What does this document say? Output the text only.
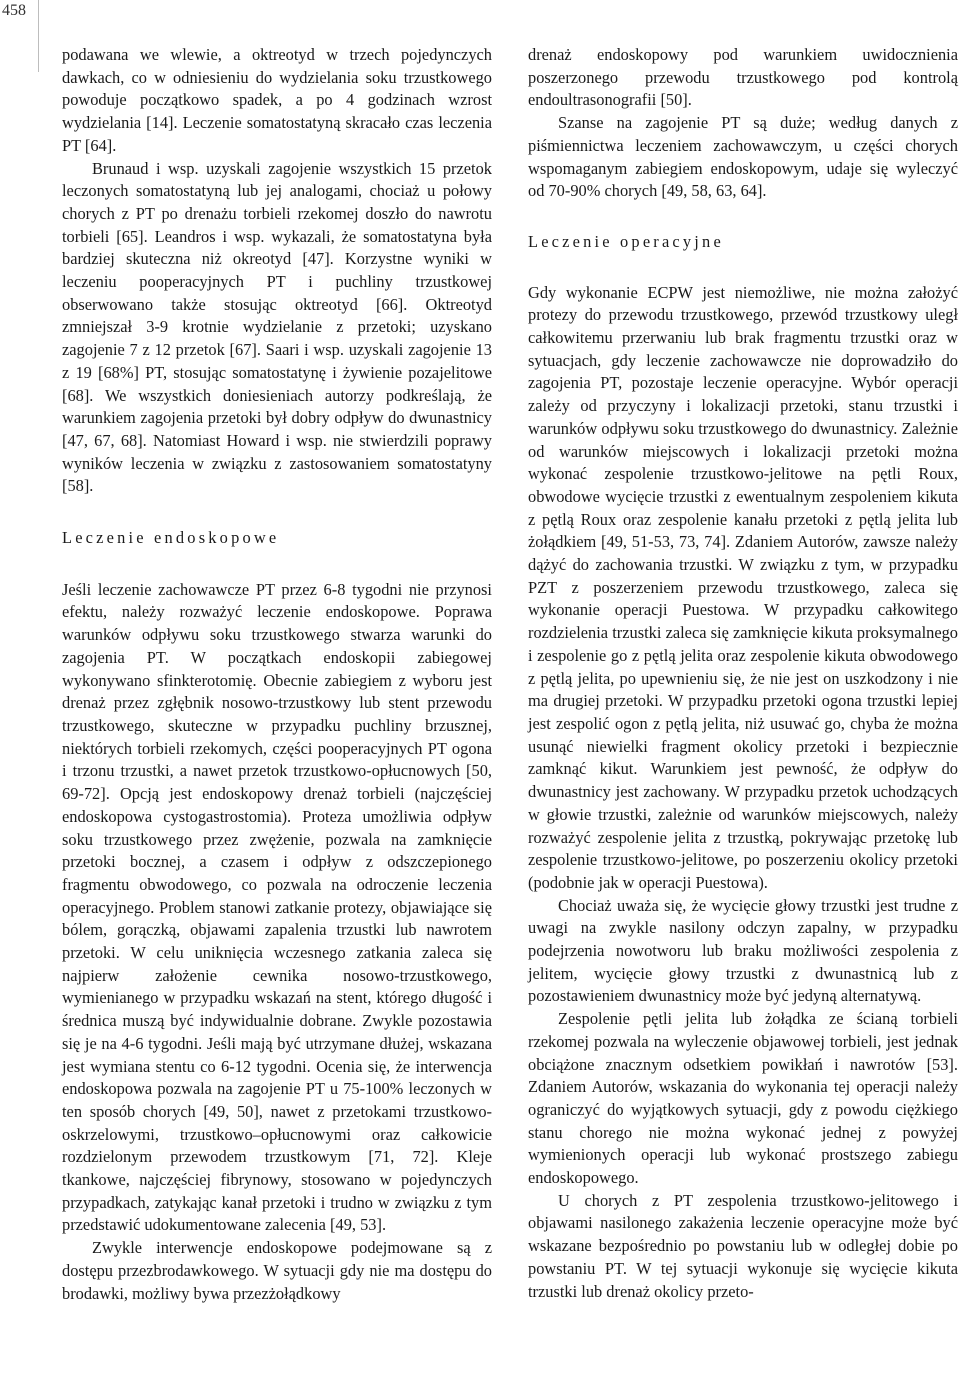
458

podawana we wlewie, a oktreotyd w trzech pojedynczych dawkach, co w odniesieniu do wydzielania soku trzustkowego powoduje początkowo spadek, a po 4 godzinach wzrost wydzielania [14]. Leczenie somatostatyną skracało czas leczenia PT [64].

Brunaud i wsp. uzyskali zagojenie wszystkich 15 przetok leczonych somatostatyną lub jej analogami, chociaż u połowy chorych z PT po drenażu torbieli rzekomej doszło do nawrotu torbieli [65]. Leandros i wsp. wykazali, że somatostatyna była bardziej skuteczna niż okreotyd [47]. Korzystne wyniki w leczeniu pooperacyjnych PT i puchliny trzustkowej obserwowano także stosując oktreotyd [66]. Oktreotyd zmniejszał 3-9 krotnie wydzielanie z przetoki; uzyskano zagojenie 7 z 12 przetok [67]. Saari i wsp. uzyskali zagojenie 13 z 19 [68%] PT, stosując somatostatynę i żywienie pozajelitowe [68]. We wszystkich doniesieniach autorzy podkreślają, że warunkiem zagojenia przetoki był dobry odpływ do dwunastnicy [47, 67, 68]. Natomiast Howard i wsp. nie stwierdzili poprawy wyników leczenia w związku z zastosowaniem somatostatyny [58].

Leczenie endoskopowe

Jeśli leczenie zachowawcze PT przez 6-8 tygodni nie przynosi efektu, należy rozważyć leczenie endoskopowe. Poprawa warunków odpływu soku trzustkowego stwarza warunki do zagojenia PT. W początkach endoskopii zabiegowej wykonywano sfinkterotomię. Obecnie zabiegiem z wyboru jest drenaż przez zgłębnik nosowo-trzustkowy lub stent przewodu trzustkowego, skuteczne w przypadku puchliny brzusznej, niektórych torbieli rzekomych, części pooperacyjnych PT ogona i trzonu trzustki, a nawet przetok trzustkowo-opłucnowych [50, 69-72]. Opcją jest endoskopowy drenaż torbieli (najczęściej endoskopowa cystogastrostomia). Proteza umożliwia odpływ soku trzustkowego przez zwężenie, pozwala na zamknięcie przetoki bocznej, a czasem i odpływ z odszczepionego fragmentu obwodowego, co pozwala na odroczenie leczenia operacyjnego. Problem stanowi zatkanie protezy, objawiające się bólem, gorączką, objawami zapalenia trzustki lub nawrotem przetoki. W celu uniknięcia wczesnego zatkania zaleca się najpierw założenie cewnika nosowo-trzustkowego, wymienianego w przypadku wskazań na stent, którego długość i średnica muszą być indywidualnie dobrane. Zwykle pozostawia się je na 4-6 tygodni. Jeśli mają być utrzymane dłużej, wskazana jest wymiana stentu co 6-12 tygodni. Ocenia się, że interwencja endoskopowa pozwala na zagojenie PT u 75-100% leczonych w ten sposób chorych [49, 50], nawet z przetokami trzustkowo-oskrzelowymi, trzustkowo–opłucnowymi oraz całkowicie rozdzielonym przewodem trzustkowym [71, 72]. Kleje tkankowe, najczęściej fibrynowy, stosowano w pojedynczych przypadkach, zatykając kanał przetoki i trudno w związku z tym przedstawić udokumentowane zalecenia [49, 53].

Zwykle interwencje endoskopowe podejmowane są z dostępu przezbrodawkowego. W sytuacji gdy nie ma dostępu do brodawki, możliwy bywa przezżołądkowy

drenaż endoskopowy pod warunkiem uwidocznienia poszerzonego przewodu trzustkowego pod kontrolą endoultrasonografii [50].

Szanse na zagojenie PT są duże; według danych z piśmiennictwa leczeniem zachowawczym, u części chorych wspomaganym zabiegiem endoskopowym, udaje się wyleczyć od 70-90% chorych [49, 58, 63, 64].

Leczenie operacyjne

Gdy wykonanie ECPW jest niemożliwe, nie można założyć protezy do przewodu trzustkowego, przewód trzustkowy uległ całkowitemu przerwaniu lub brak fragmentu trzustki oraz w sytuacjach, gdy leczenie zachowawcze nie doprowadziło do zagojenia PT, pozostaje leczenie operacyjne. Wybór operacji zależy od przyczyny i lokalizacji przetoki, stanu trzustki i warunków odpływu soku trzustkowego do dwunastnicy. Zależnie od warunków miejscowych i lokalizacji przetoki można wykonać zespolenie trzustkowo-jelitowe na pętli Roux, obwodowe wycięcie trzustki z ewentualnym zespoleniem kikuta z pętlą Roux oraz zespolenie kanału przetoki z pętlą jelita lub żołądkiem [49, 51-53, 73, 74]. Zdaniem Autorów, zawsze należy dążyć do zachowania trzustki. W związku z tym, w przypadku PZT z poszerzeniem przewodu trzustkowego, zaleca się wykonanie operacji Puestowa. W przypadku całkowitego rozdzielenia trzustki zaleca się zamknięcie kikuta proksymalnego i zespolenie go z pętlą jelita oraz zespolenie kikuta obwodowego z pętlą jelita, po upewnieniu się, że nie jest on uszkodzony i nie ma drugiej przetoki. W przypadku przetoki ogona trzustki lepiej jest zespolić ogon z pętlą jelita, niż usuwać go, chyba że można usunąć niewielki fragment okolicy przetoki i bezpiecznie zamknąć kikut. Warunkiem jest pewność, że odpływ do dwunastnicy jest zachowany. W przypadku przetok uchodzących w głowie trzustki, zależnie od warunków miejscowych, należy rozważyć zespolenie jelita z trzustką, pokrywając przetokę lub zespolenie trzustkowo-jelitowe, po poszerzeniu okolicy przetoki (podobnie jak w operacji Puestowa).

Chociaż uważa się, że wycięcie głowy trzustki jest trudne z uwagi na zwykle nasilony odczyn zapalny, w przypadku podejrzenia nowotworu lub braku możliwości zespolenia z jelitem, wycięcie głowy trzustki z dwunastnicą lub z pozostawieniem dwunastnicy może być jedyną alternatywą.

Zespolenie pętli jelita lub żołądka ze ścianą torbieli rzekomej pozwala na wyleczenie objawowej torbieli, jest jednak obciążone znacznym odsetkiem powikłań i nawrotów [53]. Zdaniem Autorów, wskazania do wykonania tej operacji należy ograniczyć do wyjątkowych sytuacji, gdy z powodu ciężkiego stanu chorego nie można wykonać jednej z powyżej wymienionych operacji lub wykonać prostszego zabiegu endoskopowego.

U chorych z PT zespolenia trzustkowo-jelitowego i objawami nasilonego zakażenia leczenie operacyjne może być wskazane bezpośrednio po powstaniu lub w odległej dobie po powstaniu PT. W tej sytuacji wykonuje się wycięcie kikuta trzustki lub drenaż okolicy przeto-
